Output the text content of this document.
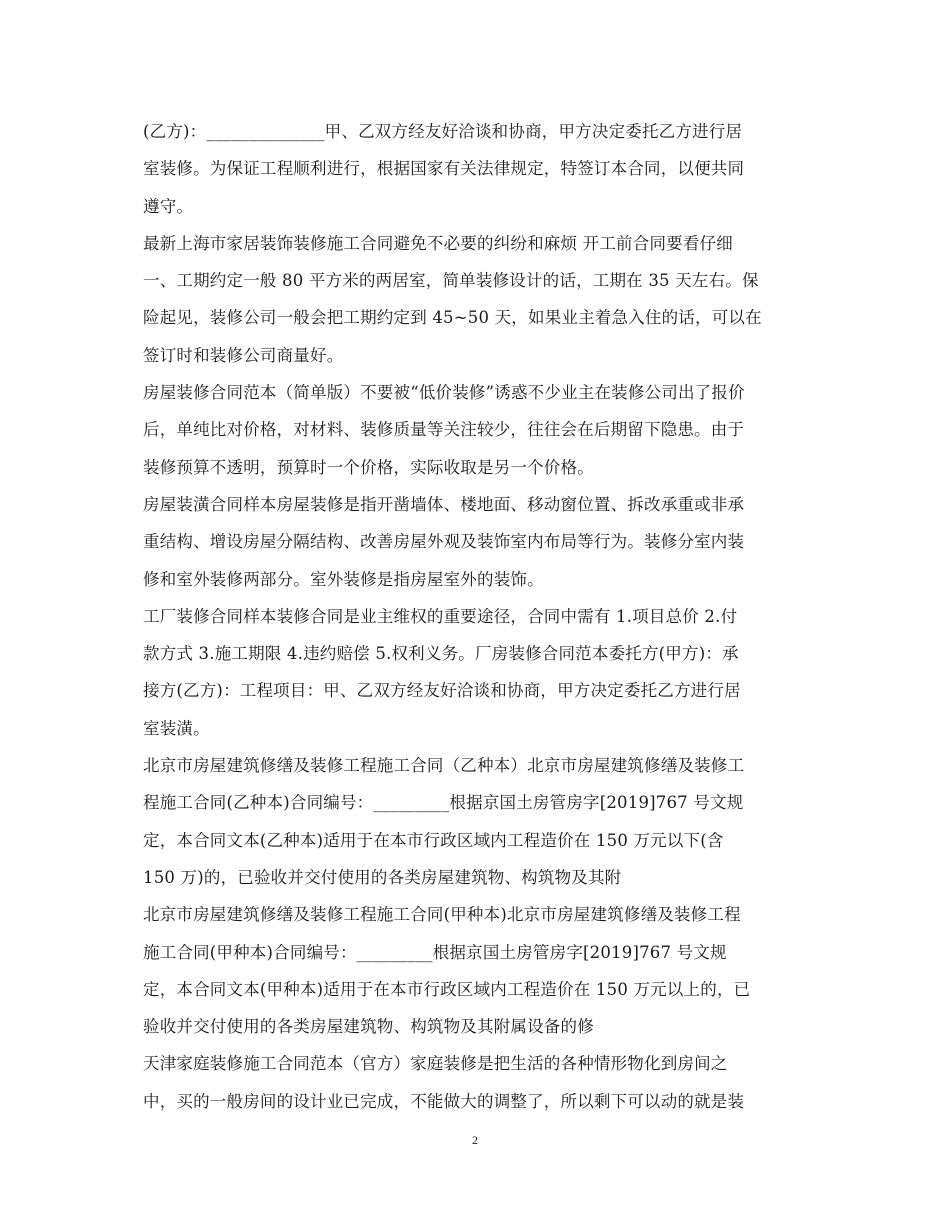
(乙方)：______________甲、乙双方经友好洽谈和协商，甲方决定委托乙方进行居
室装修。为保证工程顺利进行，根据国家有关法律规定，特签订本合同，以便共同
遵守。
最新上海市家居装饰装修施工合同避免不必要的纠纷和麻烦 开工前合同要看仔细
一、工期约定一般 80 平方米的两居室，简单装修设计的话，工期在 35 天左右。保
险起见，装修公司一般会把工期约定到 45~50 天，如果业主着急入住的话，可以在
签订时和装修公司商量好。
房屋装修合同范本（简单版）不要被“低价装修”诱惑不少业主在装修公司出了报价
后，单纯比对价格，对材料、装修质量等关注较少，往往会在后期留下隐患。由于
装修预算不透明，预算时一个价格，实际收取是另一个价格。
房屋装潢合同样本房屋装修是指开凿墙体、楼地面、移动窗位置、拆改承重或非承
重结构、增设房屋分隔结构、改善房屋外观及装饰室内布局等行为。装修分室内装
修和室外装修两部分。室外装修是指房屋室外的装饰。
工厂装修合同样本装修合同是业主维权的重要途径，合同中需有 1.项目总价 2.付
款方式 3.施工期限 4.违约赔偿 5.权利义务。厂房装修合同范本委托方(甲方)：承
接方(乙方)：工程项目：甲、乙双方经友好洽谈和协商，甲方决定委托乙方进行居
室装潢。
北京市房屋建筑修缮及装修工程施工合同（乙种本）北京市房屋建筑修缮及装修工
程施工合同(乙种本)合同编号：_________根据京国土房管房字[2019]767 号文规
定，本合同文本(乙种本)适用于在本市行政区域内工程造价在 150 万元以下(含
150 万)的，已验收并交付使用的各类房屋建筑物、构筑物及其附
北京市房屋建筑修缮及装修工程施工合同(甲种本)北京市房屋建筑修缮及装修工程
施工合同(甲种本)合同编号：_________根据京国土房管房字[2019]767 号文规
定，本合同文本(甲种本)适用于在本市行政区域内工程造价在 150 万元以上的，已
验收并交付使用的各类房屋建筑物、构筑物及其附属设备的修
天津家庭装修施工合同范本（官方）家庭装修是把生活的各种情形物化到房间之
中，买的一般房间的设计业已完成，不能做大的调整了，所以剩下可以动的就是装
2
